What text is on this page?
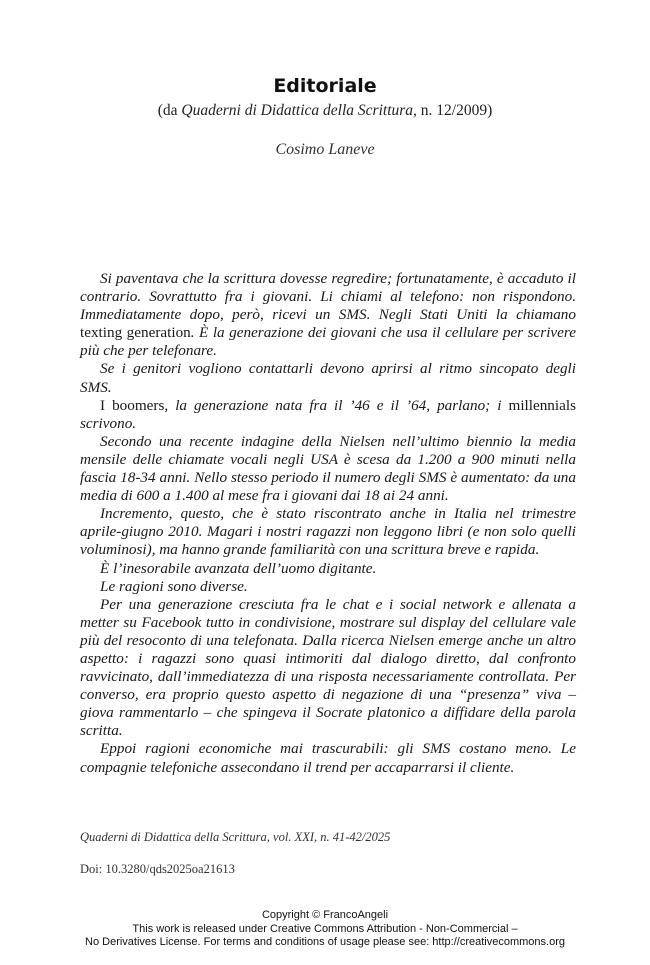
Editoriale
(da Quaderni di Didattica della Scrittura, n. 12/2009)
Cosimo Laneve

Si paventava che la scrittura dovesse regredire; fortunatamente, è accaduto il contrario. Sovrattutto fra i giovani. Li chiami al telefono: non rispondono. Immediatamente dopo, però, ricevi un SMS. Negli Stati Uniti la chiamano texting generation. È la generazione dei giovani che usa il cellulare per scrivere più che per telefonare.

Se i genitori vogliono contattarli devono aprirsi al ritmo sincopato degli SMS.

I boomers, la generazione nata fra il ’46 e il ’64, parlano; i millennials scrivono.

Secondo una recente indagine della Nielsen nell’ultimo biennio la media mensile delle chiamate vocali negli USA è scesa da 1.200 a 900 minuti nella fascia 18-34 anni. Nello stesso periodo il numero degli SMS è aumentato: da una media di 600 a 1.400 al mese fra i giovani dai 18 ai 24 anni.

Incremento, questo, che è stato riscontrato anche in Italia nel trimestre aprile-giugno 2010. Magari i nostri ragazzi non leggono libri (e non solo quelli voluminosi), ma hanno grande familiarità con una scrittura breve e rapida.

È l’inesorabile avanzata dell’uomo digitante.

Le ragioni sono diverse.

Per una generazione cresciuta fra le chat e i social network e allenata a metter su Facebook tutto in condivisione, mostrare sul display del cellulare vale più del resoconto di una telefonata. Dalla ricerca Nielsen emerge anche un altro aspetto: i ragazzi sono quasi intimoriti dal dialogo diretto, dal confronto ravvicinato, dall’immediatezza di una risposta necessariamente controllata. Per converso, era proprio questo aspetto di negazione di una “presenza” viva – giova rammentarlo – che spingeva il Socrate platonico a diffidare della parola scritta.

Eppoi ragioni economiche mai trascurabili: gli SMS costano meno. Le compagnie telefoniche assecondano il trend per accaparrarsi il cliente.

Quaderni di Didattica della Scrittura, vol. XXI, n. 41-42/2025
Doi: 10.3280/qds2025oa21613
Copyright © FrancoAngeli
This work is released under Creative Commons Attribution - Non-Commercial –
No Derivatives License. For terms and conditions of usage please see: http://creativecommons.org
